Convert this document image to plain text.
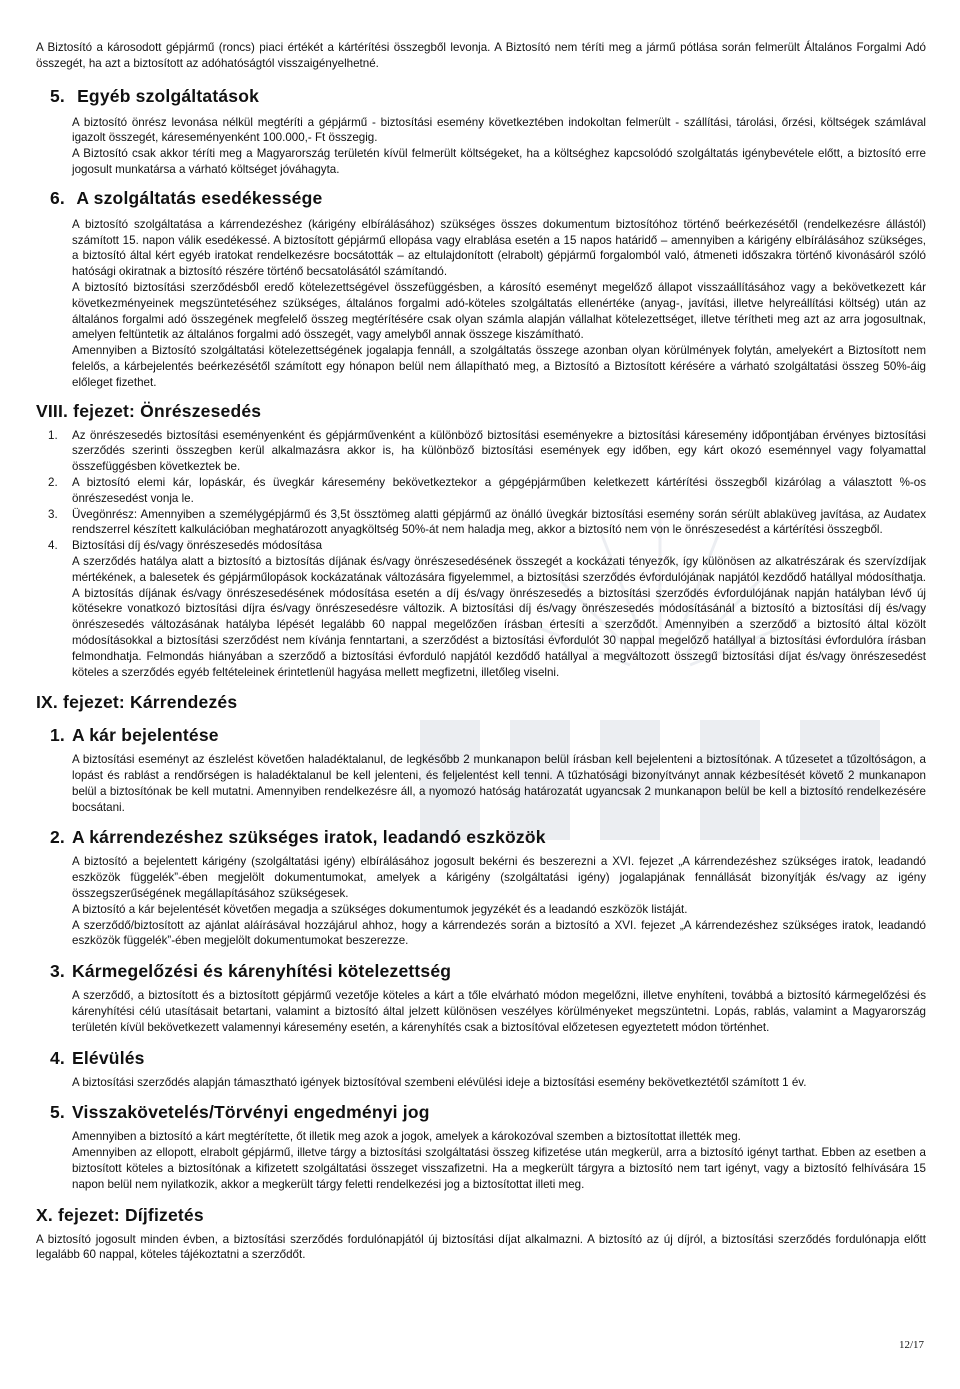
A Biztosító a károsodott gépjármű (roncs) piaci értékét a kártérítési összegből levonja. A Biztosító nem téríti meg a jármű pótlása során felmerült Általános Forgalmi Adó összegét, ha azt a biztosított az adóhatóságtól visszaigényelhetné.

5. Egyéb szolgáltatások

A biztosító önrész levonása nélkül megtéríti a gépjármű - biztosítási esemény következtében indokoltan felmerült - szállítási, tárolási, őrzési, költségek számlával igazolt összegét, káreseményenként 100.000,- Ft összegig.

A Biztosító csak akkor téríti meg a Magyarország területén kívül felmerült költségeket, ha a költséghez kapcsolódó szolgáltatás igénybevétele előtt, a biztosító erre jogosult munkatársa a várható költséget jóváhagyta.

6. A szolgáltatás esedékessége

A biztosító szolgáltatása a kárrendezéshez (kárigény elbírálásához) szükséges összes dokumentum biztosítóhoz történő beérkezésétől (rendelkezésre állástól) számított 15. napon válik esedékessé. A biztosított gépjármű ellopása vagy elrablása esetén a 15 napos határidő – amennyiben a kárigény elbírálásához szükséges, a biztosító által kért egyéb iratokat rendelkezésre bocsátották – az eltulajdonított (elrabolt) gépjármű forgalomból való, átmeneti időszakra történő kivonásáról szóló hatósági okiratnak a biztosító részére történő becsatolásától számítandó.

A biztosító biztosítási szerződésből eredő kötelezettségével összefüggésben, a károsító eseményt megelőző állapot visszaállításához vagy a bekövetkezett kár következményeinek megszüntetéséhez szükséges, általános forgalmi adó-köteles szolgáltatás ellenértéke (anyag-, javítási, illetve helyreállítási költség) után az általános forgalmi adó összegének megfelelő összeg megtérítésére csak olyan számla alapján vállalhat kötelezettséget, illetve térítheti meg azt az arra jogosultnak, amelyen feltüntetik az általános forgalmi adó összegét, vagy amelyből annak összege kiszámítható.

Amennyiben a Biztosító szolgáltatási kötelezettségének jogalapja fennáll, a szolgáltatás összege azonban olyan körülmények folytán, amelyekért a Biztosított nem felelős, a kárbejelentés beérkezésétől számított egy hónapon belül nem állapítható meg, a Biztosító a Biztosított kérésére a várható szolgáltatási összeg 50%-áig előleget fizethet.

VIII. fejezet: Önrészesedés
1. Az önrészesedés biztosítási eseményenként és gépjárművenként a különböző biztosítási eseményekre a biztosítási káresemény időpontjában érvényes biztosítási szerződés szerinti összegben kerül alkalmazásra akkor is, ha különböző biztosítási események egy időben, egy kárt okozó eseménnyel vagy folyamattal összefüggésben következtek be.
2. A biztosító elemi kár, lopáskár, és üvegkár káresemény bekövetkeztekor a gépgépjárműben keletkezett kártérítési összegből kizárólag a választott %-os önrészesedést vonja le.
3. Üvegönrész: Amennyiben a személygépjármű és 3,5t össztömeg alatti gépjármű az önálló üvegkár biztosítási esemény során sérült ablaküveg javítása, az Audatex rendszerrel készített kalkulációban meghatározott anyagköltség 50%-át nem haladja meg, akkor a biztosító nem von le önrészesedést a kártérítési összegből.
4. Biztosítási díj és/vagy önrészesedés módosítása

A szerződés hatálya alatt a biztosító a biztosítás díjának és/vagy önrészesedésének összegét a kockázati tényezők, így különösen az alkatrészárak és szervízdíjak mértékének, a balesetek és gépjárműlopások kockázatának változására figyelemmel, a biztosítási szerződés évfordulójának napjától kezdődő hatállyal módosíthatja. A biztosítás díjának és/vagy önrészesedésének módosítása esetén a díj és/vagy önrészesedés a biztosítási szerződés évfordulójának napján hatályban lévő új kötésekre vonatkozó biztosítási díjra és/vagy önrészesedésre változik. A biztosítási díj és/vagy önrészesedés módosításánál a biztosító a biztosítási díj és/vagy önrészesedés változásának hatályba lépését legalább 60 nappal megelőzően írásban értesíti a szerződőt. Amennyiben a szerződő a biztosító által közölt módosításokkal a biztosítási szerződést nem kívánja fenntartani, a szerződést a biztosítási évfordulót 30 nappal megelőző hatállyal a biztosítási évfordulóra írásban felmondhatja. Felmondás hiányában a szerződő a biztosítási évforduló napjától kezdődő hatállyal a megváltozott összegű biztosítási díjat és/vagy önrészesedést köteles a szerződés egyéb feltételeinek érintetlenül hagyása mellett megfizetni, illetőleg viselni.

IX. fejezet: Kárrendezés
1. A kár bejelentése

A biztosítási eseményt az észlelést követően haladéktalanul, de legkésőbb 2 munkanapon belül írásban kell bejelenteni a biztosítónak. A tűzesetet a tűzoltóságon, a lopást és rablást a rendőrségen is haladéktalanul be kell jelenteni, és feljelentést kell tenni. A tűzhatósági bizonyítványt annak kézbesítését követő 2 munkanapon belül a biztosítónak be kell mutatni. Amennyiben rendelkezésre áll, a nyomozó hatóság határozatát ugyancsak 2 munkanapon belül be kell a biztosító rendelkezésére bocsátani.

2. A kárrendezéshez szükséges iratok, leadandó eszközök

A biztosító a bejelentett kárigény (szolgáltatási igény) elbírálásához jogosult bekérni és beszerezni a XVI. fejezet „A kárrendezéshez szükséges iratok, leadandó eszközök függelék”-ében megjelölt dokumentumokat, amelyek a kárigény (szolgáltatási igény) jogalapjának fennállását bizonyítják és/vagy az igény összegszerűségének megállapításához szükségesek.

A biztosító a kár bejelentését követően megadja a szükséges dokumentumok jegyzékét és a leadandó eszközök listáját.

A szerződő/biztosított az ajánlat aláírásával hozzájárul ahhoz, hogy a kárrendezés során a biztosító a XVI. fejezet „A kárrendezéshez szükséges iratok, leadandó eszközök függelék”-ében megjelölt dokumentumokat beszerezze.

3. Kármegelőzési és kárenyhítési kötelezettség

A szerződő, a biztosított és a biztosított gépjármű vezetője köteles a kárt a tőle elvárható módon megelőzni, illetve enyhíteni, továbbá a biztosító kármegelőzési és kárenyhítési célú utasításait betartani, valamint a biztosító által jelzett különösen veszélyes körülményeket megszüntetni. Lopás, rablás, valamint a Magyarország területén kívül bekövetkezett valamennyi káresemény esetén, a kárenyhítés csak a biztosítóval előzetesen egyeztetett módon történhet.

4. Elévülés

A biztosítási szerződés alapján támasztható igények biztosítóval szembeni elévülési ideje a biztosítási esemény bekövetkeztétől számított 1 év.

5. Visszakövetelés/Törvényi engedményi jog

Amennyiben a biztosító a kárt megtérítette, őt illetik meg azok a jogok, amelyek a károkozóval szemben a biztosítottat illették meg.

Amennyiben az ellopott, elrabolt gépjármű, illetve tárgy a biztosítási szolgáltatási összeg kifizetése után megkerül, arra a biztosító igényt tarthat. Ebben az esetben a biztosított köteles a biztosítónak a kifizetett szolgáltatási összeget visszafizetni. Ha a megkerült tárgyra a biztosító nem tart igényt, vagy a biztosító felhívására 15 napon belül nem nyilatkozik, akkor a megkerült tárgy feletti rendelkezési jog a biztosítottat illeti meg.

X. fejezet: Díjfizetés

A biztosító jogosult minden évben, a biztosítási szerződés fordulónapjától új biztosítási díjat alkalmazni. A biztosító az új díjról, a biztosítási szerződés fordulónapja előtt legalább 60 nappal, köteles tájékoztatni a szerződőt.

12/17
